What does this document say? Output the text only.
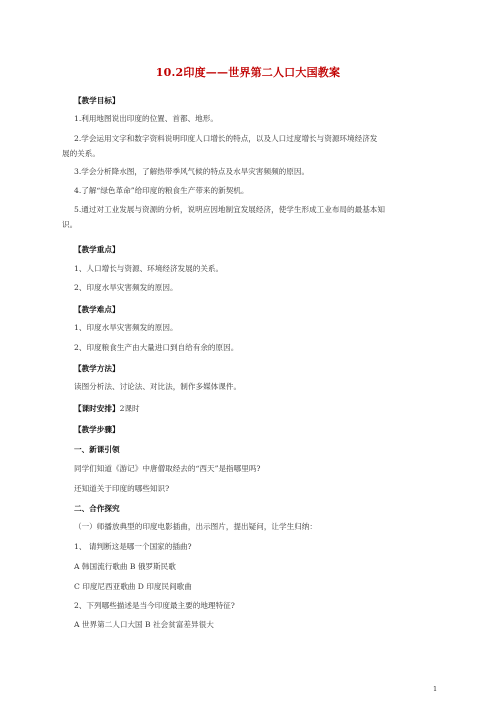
10.2印度——世界第二人口大国教案
【教学目标】
1.利用地图说出印度的位置、首都、地形。
2.学会运用文字和数字资料说明印度人口增长的特点，以及人口过度增长与资源环境经济发
展的关系。
3.学会分析降水图，了解热带季风气候的特点及水旱灾害频频的原因。
4.了解“绿色革命”给印度的粮食生产带来的新契机。
5.通过对工业发展与资源的分析，说明应因地制宜发展经济，使学生形成工业布局的最基本知
识。
【教学重点】
1、人口增长与资源、环境经济发展的关系。
2、印度水旱灾害频发的原因。
【教学难点】
1、印度水旱灾害频发的原因。
2、印度粮食生产由大量进口到自给有余的原因。
【教学方法】
读图分析法、讨论法、对比法，制作多媒体课件。
【课时安排】2课时
【教学步骤】
一、新课引领
同学们知道《游记》中唐僧取经去的“西天”是指哪里吗?
还知道关于印度的哪些知识?
二、合作探究
（一）师播放典型的印度电影插曲，出示图片，提出疑问，让学生归纳：
1、 请判断这是哪一个国家的插曲?
A 韩国流行歌曲 B 俄罗斯民歌
C 印度尼西亚歌曲 D 印度民间歌曲
2、下列哪些描述是当今印度最主要的地理特征?
A 世界第二人口大国 B 社会贫富差异很大
1
